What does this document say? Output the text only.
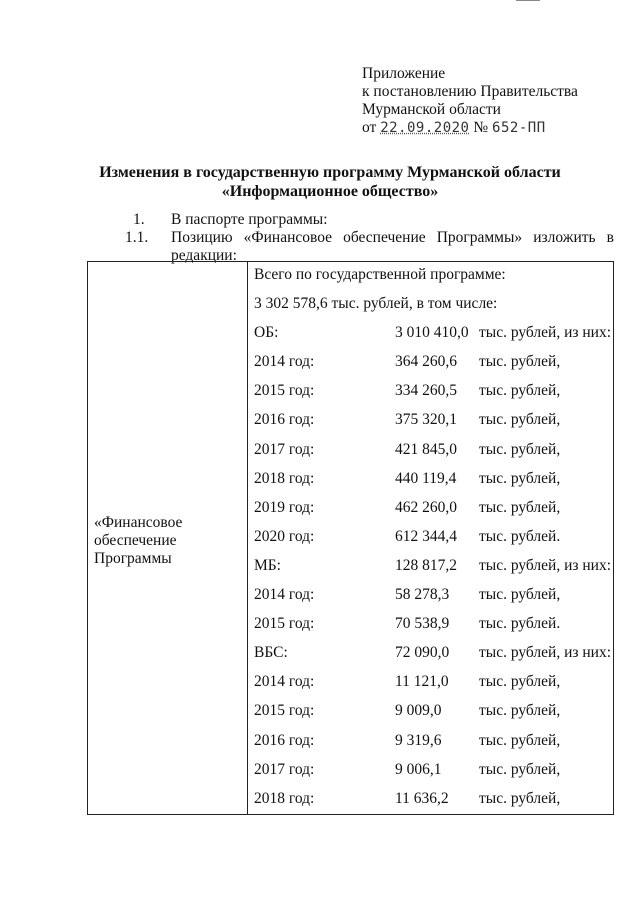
Приложение
к постановлению Правительства
Мурманской области
от 22.09.2020 № 652-ПП
Изменения в государственную программу Мурманской области
«Информационное общество»
1. В паспорте программы:
1.1. Позицию «Финансовое обеспечение Программы» изложить в
редакции:
«Финансовое
обеспечение
Программы
Всего по государственной программе:
3 302 578,6 тыс. рублей, в том числе:
ОБ:	3 010 410,0 тыс. рублей, из них:
2014 год:	364 260,6 тыс. рублей,
2015 год:	334 260,5 тыс. рублей,
2016 год:	375 320,1 тыс. рублей,
2017 год:	421 845,0 тыс. рублей,
2018 год:	440 119,4 тыс. рублей,
2019 год:	462 260,0 тыс. рублей,
2020 год:	612 344,4 тыс. рублей.
МБ:	128 817,2 тыс. рублей, из них:
2014 год:	58 278,3 тыс. рублей,
2015 год:	70 538,9 тыс. рублей.
ВБС:	72 090,0 тыс. рублей, из них:
2014 год:	11 121,0 тыс. рублей,
2015 год:	9 009,0 тыс. рублей,
2016 год:	9 319,6 тыс. рублей,
2017 год:	9 006,1 тыс. рублей,
2018 год:	11 636,2 тыс. рублей,
